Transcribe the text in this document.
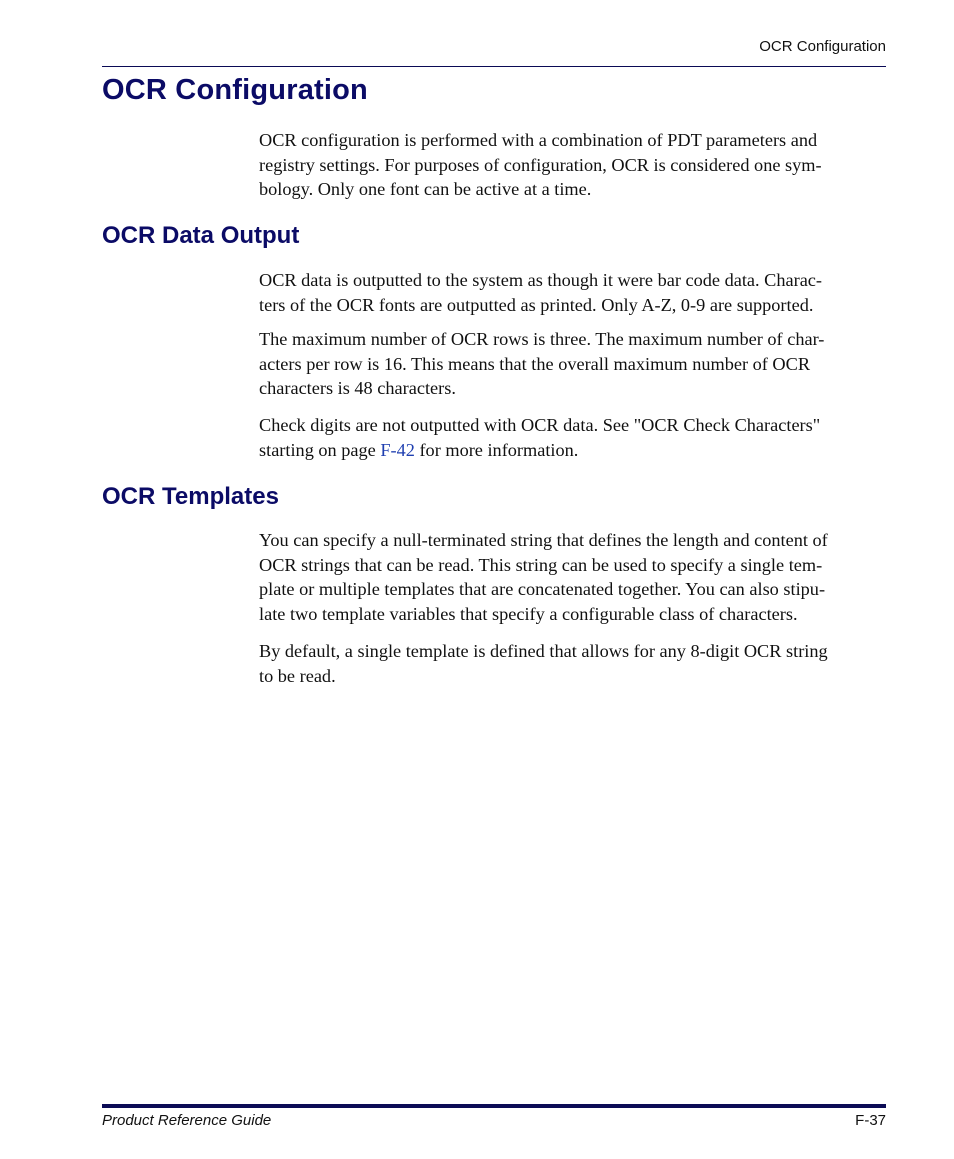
OCR Configuration
OCR Configuration

OCR configuration is performed with a combination of PDT parameters and
registry settings. For purposes of configuration, OCR is considered one sym-
bology. Only one font can be active at a time.

OCR Data Output

OCR data is outputted to the system as though it were bar code data. Charac-
ters of the OCR fonts are outputted as printed. Only A-Z, 0-9 are supported.

The maximum number of OCR rows is three. The maximum number of char-
acters per row is 16. This means that the overall maximum number of OCR
characters is 48 characters.

Check digits are not outputted with OCR data. See "OCR Check Characters"
starting on page F-42 for more information.

OCR Templates

You can specify a null-terminated string that defines the length and content of
OCR strings that can be read. This string can be used to specify a single tem-
plate or multiple templates that are concatenated together. You can also stipu-
late two template variables that specify a configurable class of characters.

By default, a single template is defined that allows for any 8-digit OCR string
to be read.

Product Reference Guide	F-37
